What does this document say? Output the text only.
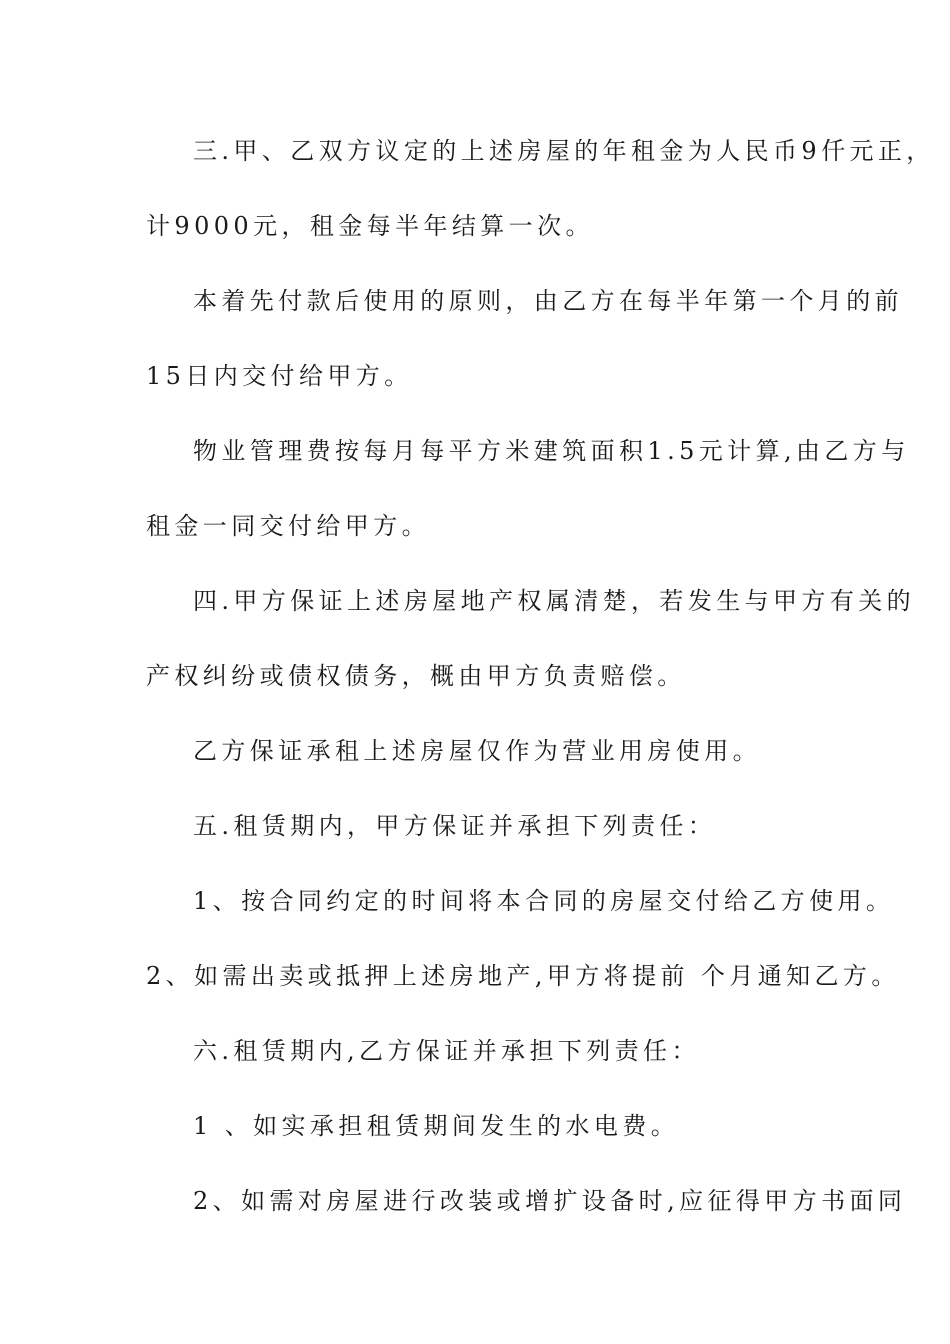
三.甲、乙双方议定的上述房屋的年租金为人民币9仟元正，

计9000元，租金每半年结算一次。

本着先付款后使用的原则，由乙方在每半年第一个月的前

15日内交付给甲方。

物业管理费按每月每平方米建筑面积1.5元计算,由乙方与

租金一同交付给甲方。

四.甲方保证上述房屋地产权属清楚，若发生与甲方有关的

产权纠纷或债权债务，概由甲方负责赔偿。

乙方保证承租上述房屋仅作为营业用房使用。

五.租赁期内，甲方保证并承担下列责任：

1、按合同约定的时间将本合同的房屋交付给乙方使用。

2、如需出卖或抵押上述房地产,甲方将提前 个月通知乙方。

六.租赁期内,乙方保证并承担下列责任：

1 、如实承担租赁期间发生的水电费。

2、如需对房屋进行改装或增扩设备时,应征得甲方书面同
